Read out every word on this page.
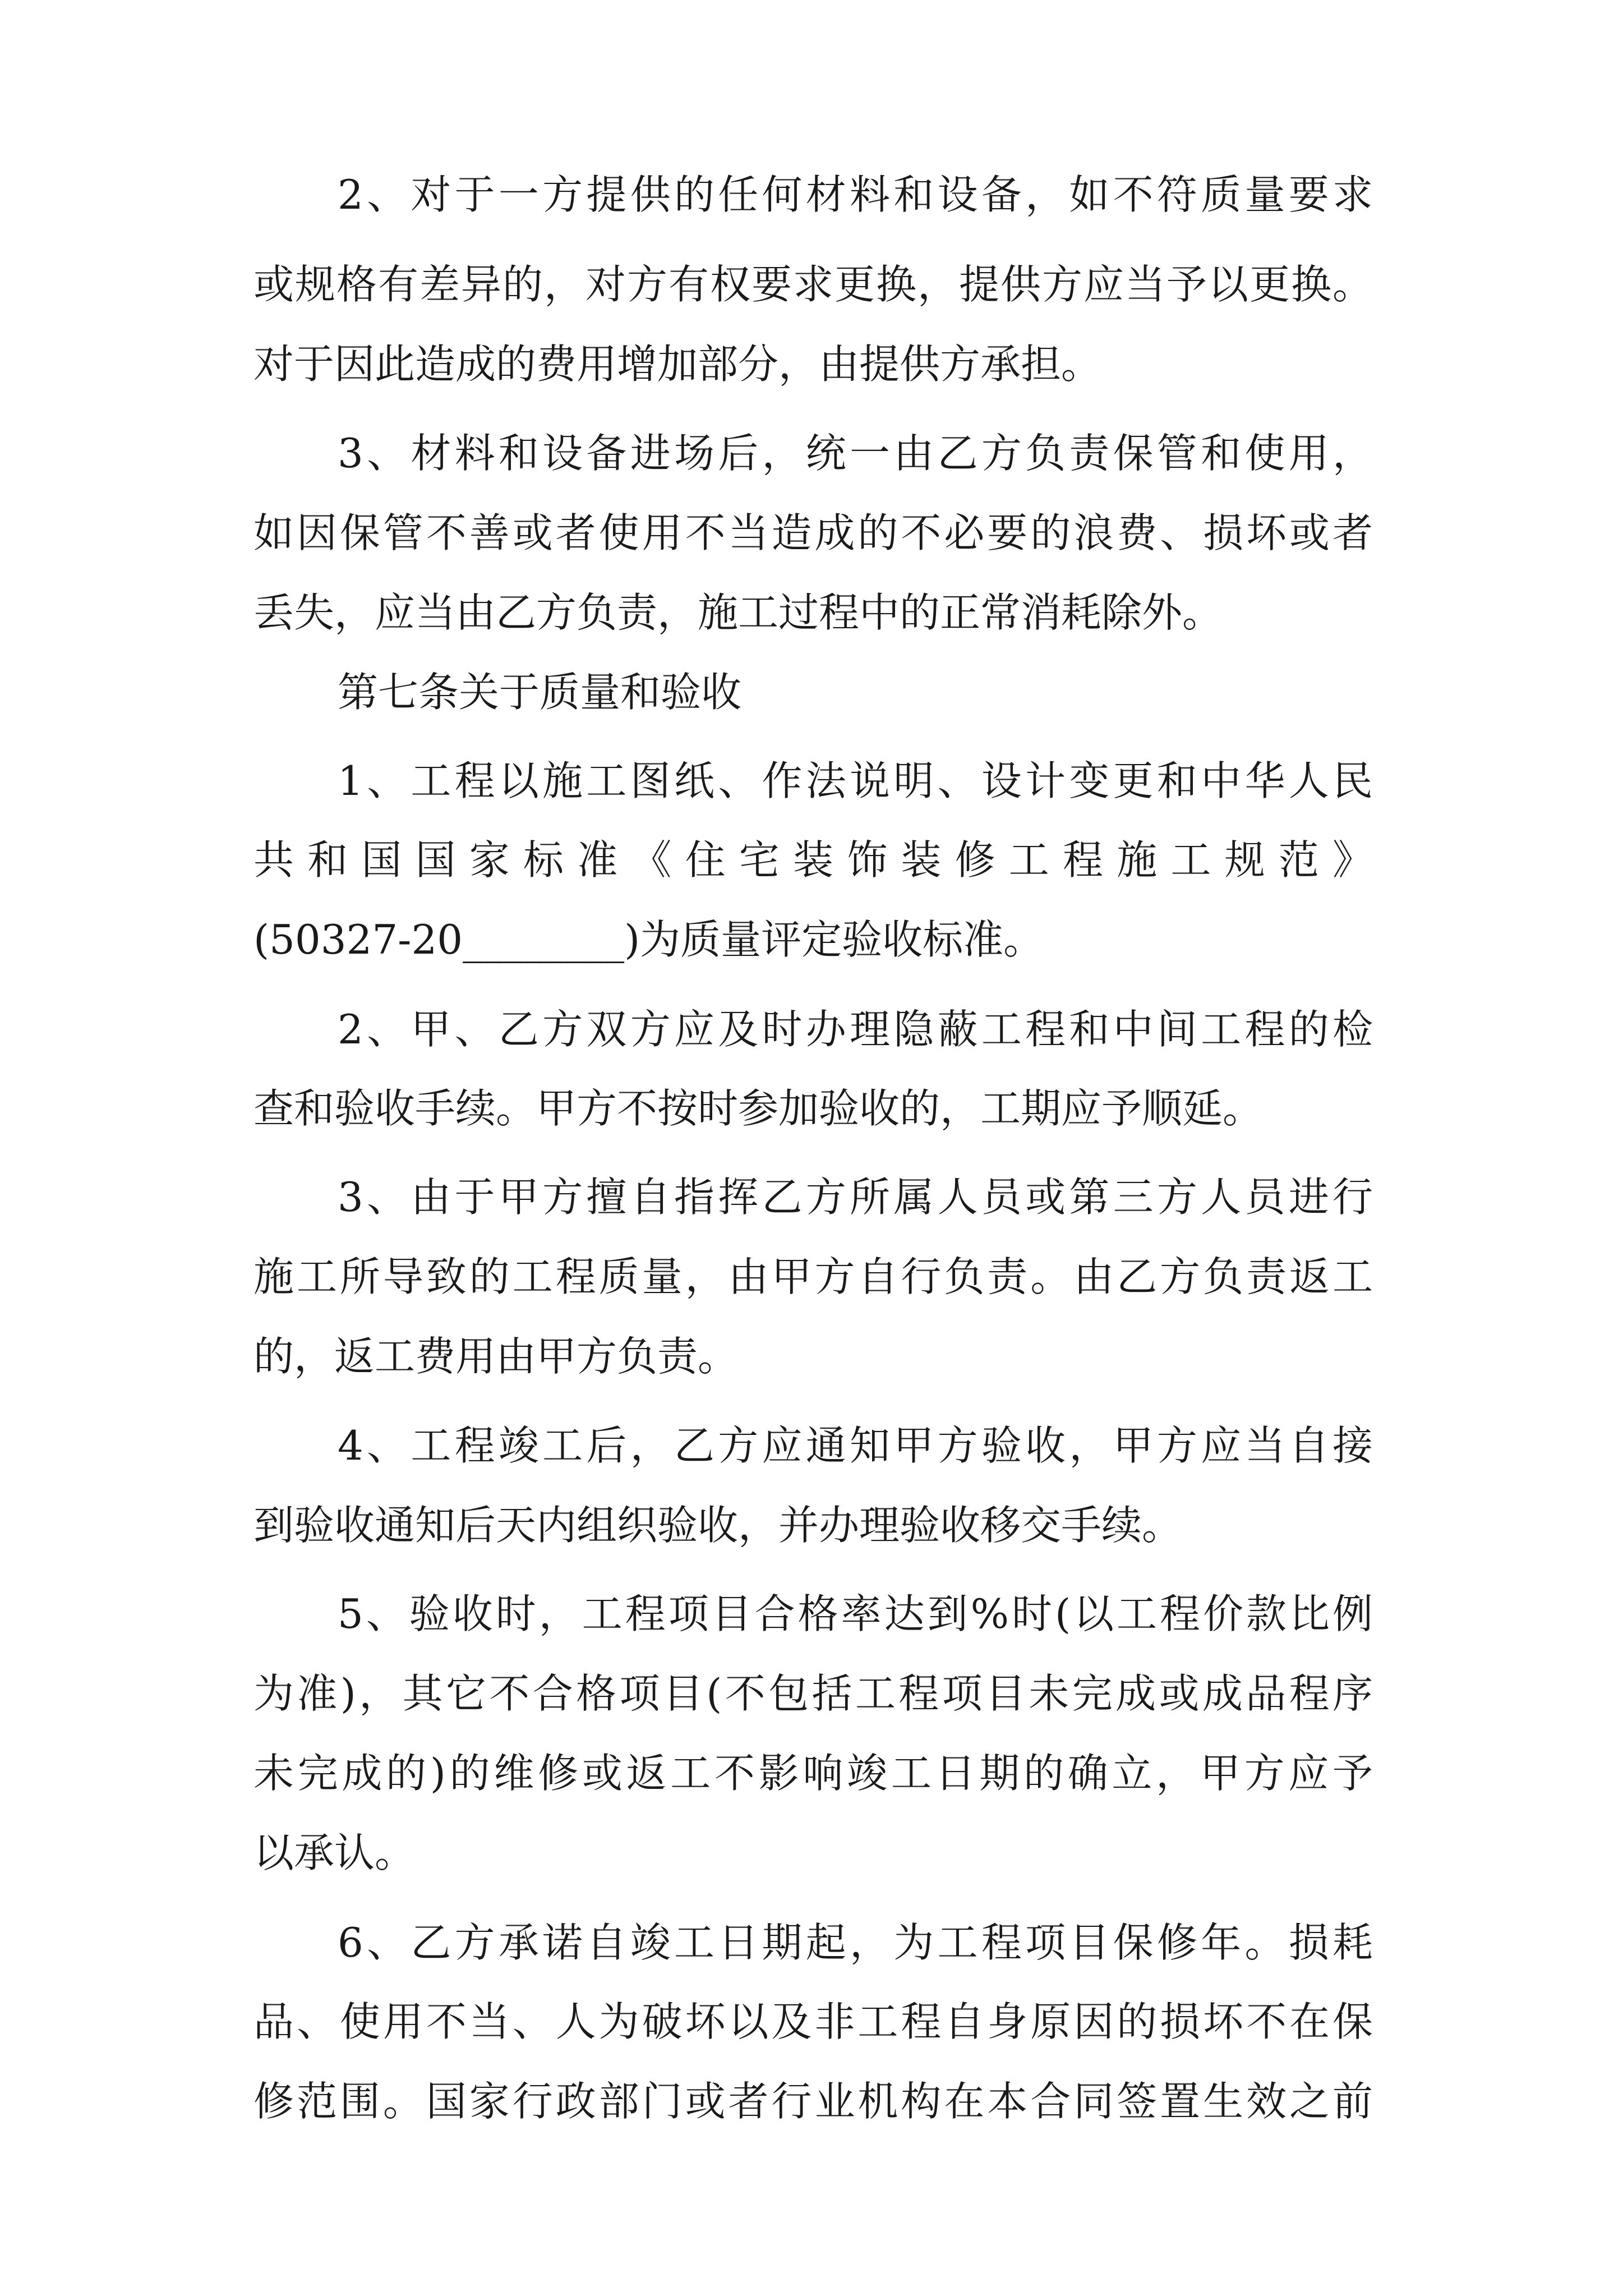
2、对于一方提供的任何材料和设备，如不符质量要求
或规格有差异的，对方有权要求更换，提供方应当予以更换。
对于因此造成的费用增加部分，由提供方承担。
3、材料和设备进场后，统一由乙方负责保管和使用，
如因保管不善或者使用不当造成的不必要的浪费、损坏或者
丢失，应当由乙方负责，施工过程中的正常消耗除外。
第七条关于质量和验收
1、工程以施工图纸、作法说明、设计变更和中华人民
共和国国家标准《住宅装饰装修工程施工规范》
(50327-20________)为质量评定验收标准。
2、甲、乙方双方应及时办理隐蔽工程和中间工程的检
查和验收手续。甲方不按时参加验收的，工期应予顺延。
3、由于甲方擅自指挥乙方所属人员或第三方人员进行
施工所导致的工程质量，由甲方自行负责。由乙方负责返工
的，返工费用由甲方负责。
4、工程竣工后，乙方应通知甲方验收，甲方应当自接
到验收通知后天内组织验收，并办理验收移交手续。
5、验收时，工程项目合格率达到%时(以工程价款比例
为准)，其它不合格项目(不包括工程项目未完成或成品程序
未完成的)的维修或返工不影响竣工日期的确立，甲方应予
以承认。
6、乙方承诺自竣工日期起，为工程项目保修年。损耗
品、使用不当、人为破坏以及非工程自身原因的损坏不在保
修范围。国家行政部门或者行业机构在本合同签置生效之前
